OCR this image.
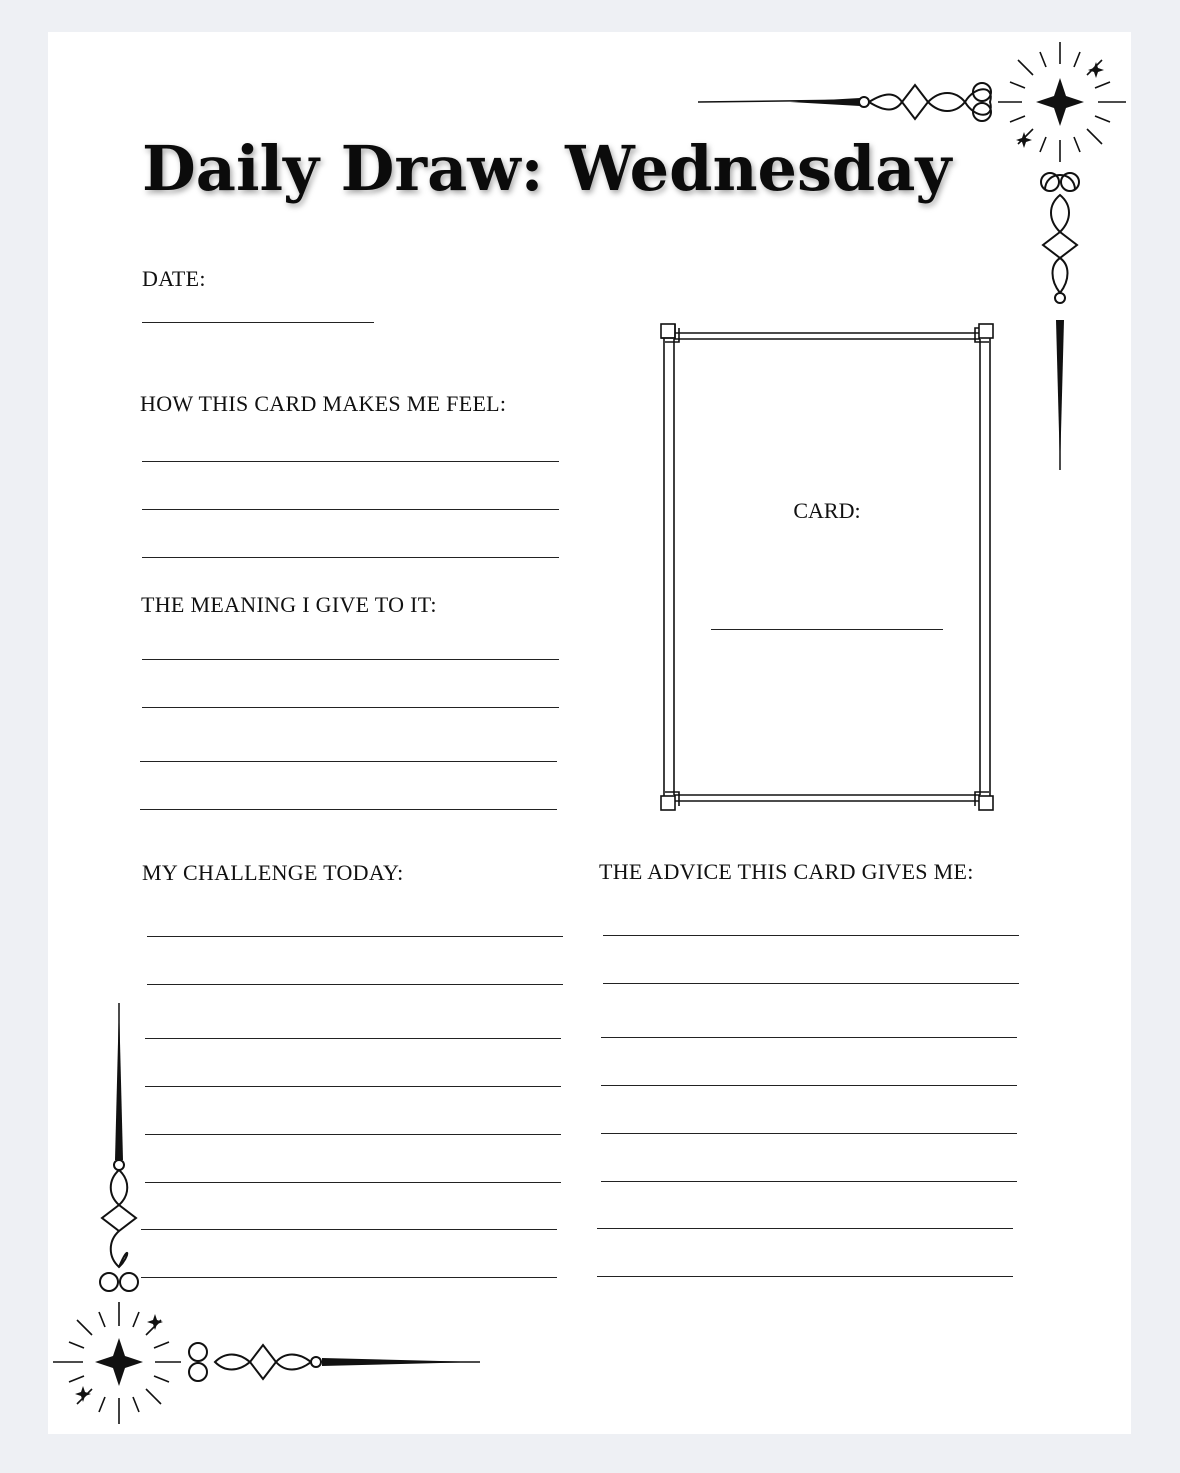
Daily Draw: Wednesday
DATE:
HOW THIS CARD MAKES ME FEEL:
THE MEANING I GIVE TO IT:
CARD:
MY CHALLENGE TODAY:	THE ADVICE THIS CARD GIVES ME:
